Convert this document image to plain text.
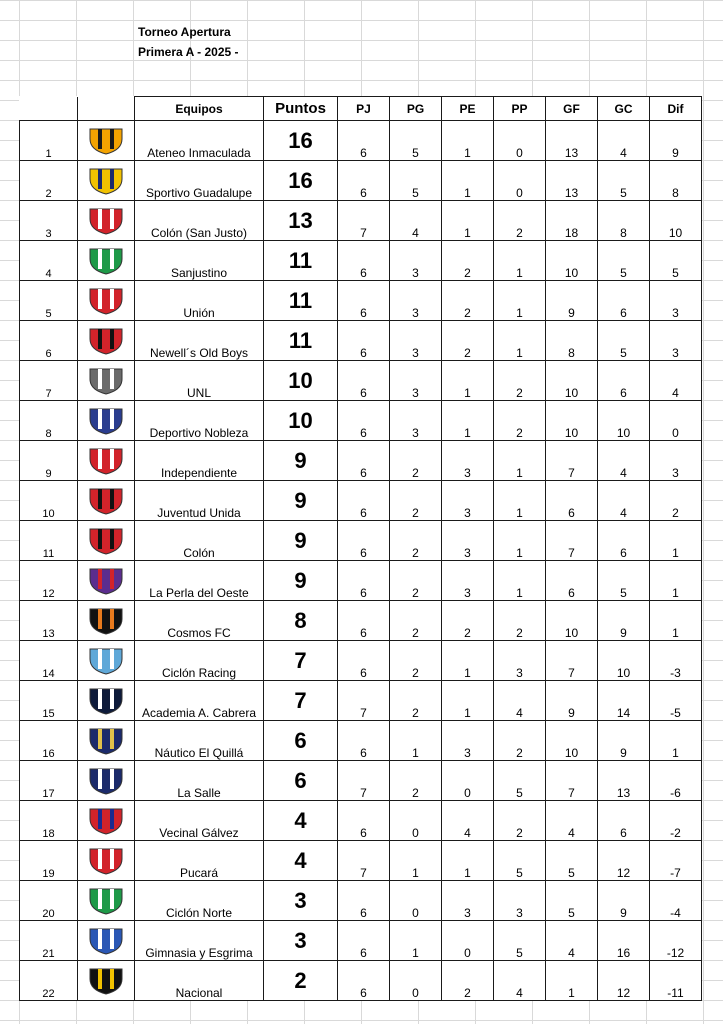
Torneo Apertura
Primera A - 2025 -
		Equipos	Puntos	PJ	PG	PE	PP	GF	GC	Dif
1		Ateneo Inmaculada	16	6	5	1	0	13	4	9
2		Sportivo Guadalupe	16	6	5	1	0	13	5	8
3		Colón (San Justo)	13	7	4	1	2	18	8	10
4		Sanjustino	11	6	3	2	1	10	5	5
5		Unión	11	6	3	2	1	9	6	3
6		Newell´s Old Boys	11	6	3	2	1	8	5	3
7		UNL	10	6	3	1	2	10	6	4
8		Deportivo Nobleza	10	6	3	1	2	10	10	0
9		Independiente	9	6	2	3	1	7	4	3
10		Juventud Unida	9	6	2	3	1	6	4	2
11		Colón	9	6	2	3	1	7	6	1
12		La Perla del Oeste	9	6	2	3	1	6	5	1
13		Cosmos FC	8	6	2	2	2	10	9	1
14		Ciclón Racing	7	6	2	1	3	7	10	-3
15		Academia A. Cabrera	7	7	2	1	4	9	14	-5
16		Náutico El Quillá	6	6	1	3	2	10	9	1
17		La Salle	6	7	2	0	5	7	13	-6
18		Vecinal Gálvez	4	6	0	4	2	4	6	-2
19		Pucará	4	7	1	1	5	5	12	-7
20		Ciclón Norte	3	6	0	3	3	5	9	-4
21		Gimnasia y Esgrima	3	6	1	0	5	4	16	-12
22		Nacional	2	6	0	2	4	1	12	-11
